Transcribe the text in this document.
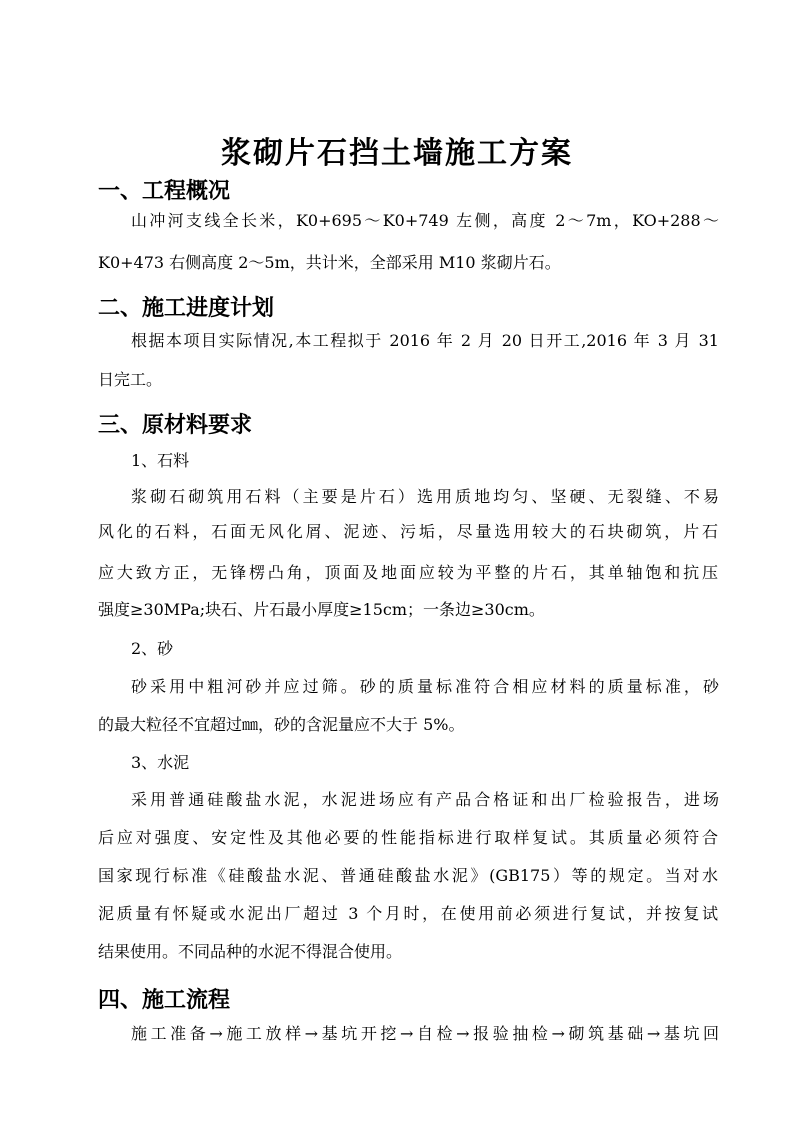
浆砌片石挡土墙施工方案
一、工程概况
山冲河支线全长米，K0+695～K0+749 左侧，高度 2～7m，KO+288～
K0+473 右侧高度 2～5m，共计米，全部采用 M10 浆砌片石。
二、施工进度计划
根据本项目实际情况,本工程拟于 2016 年 2 月 20 日开工,2016 年 3 月 31
日完工。
三、原材料要求
1、石料
浆砌石砌筑用石料（主要是片石）选用质地均匀、坚硬、无裂缝、不易
风化的石料，石面无风化屑、泥迹、污垢，尽量选用较大的石块砌筑，片石
应大致方正，无锋楞凸角，顶面及地面应较为平整的片石，其单轴饱和抗压
强度≥30MPa;块石、片石最小厚度≥15cm；一条边≥30cm。
2、砂
砂采用中粗河砂并应过筛。砂的质量标准符合相应材料的质量标准，砂
的最大粒径不宜超过㎜，砂的含泥量应不大于 5%。
3、水泥
采用普通硅酸盐水泥，水泥进场应有产品合格证和出厂检验报告，进场
后应对强度、安定性及其他必要的性能指标进行取样复试。其质量必须符合
国家现行标准《硅酸盐水泥、普通硅酸盐水泥》(GB175）等的规定。当对水
泥质量有怀疑或水泥出厂超过 3 个月时，在使用前必须进行复试，并按复试
结果使用。不同品种的水泥不得混合使用。
四、施工流程
施工准备→施工放样→基坑开挖→自检→报验抽检→砌筑基础→基坑回
